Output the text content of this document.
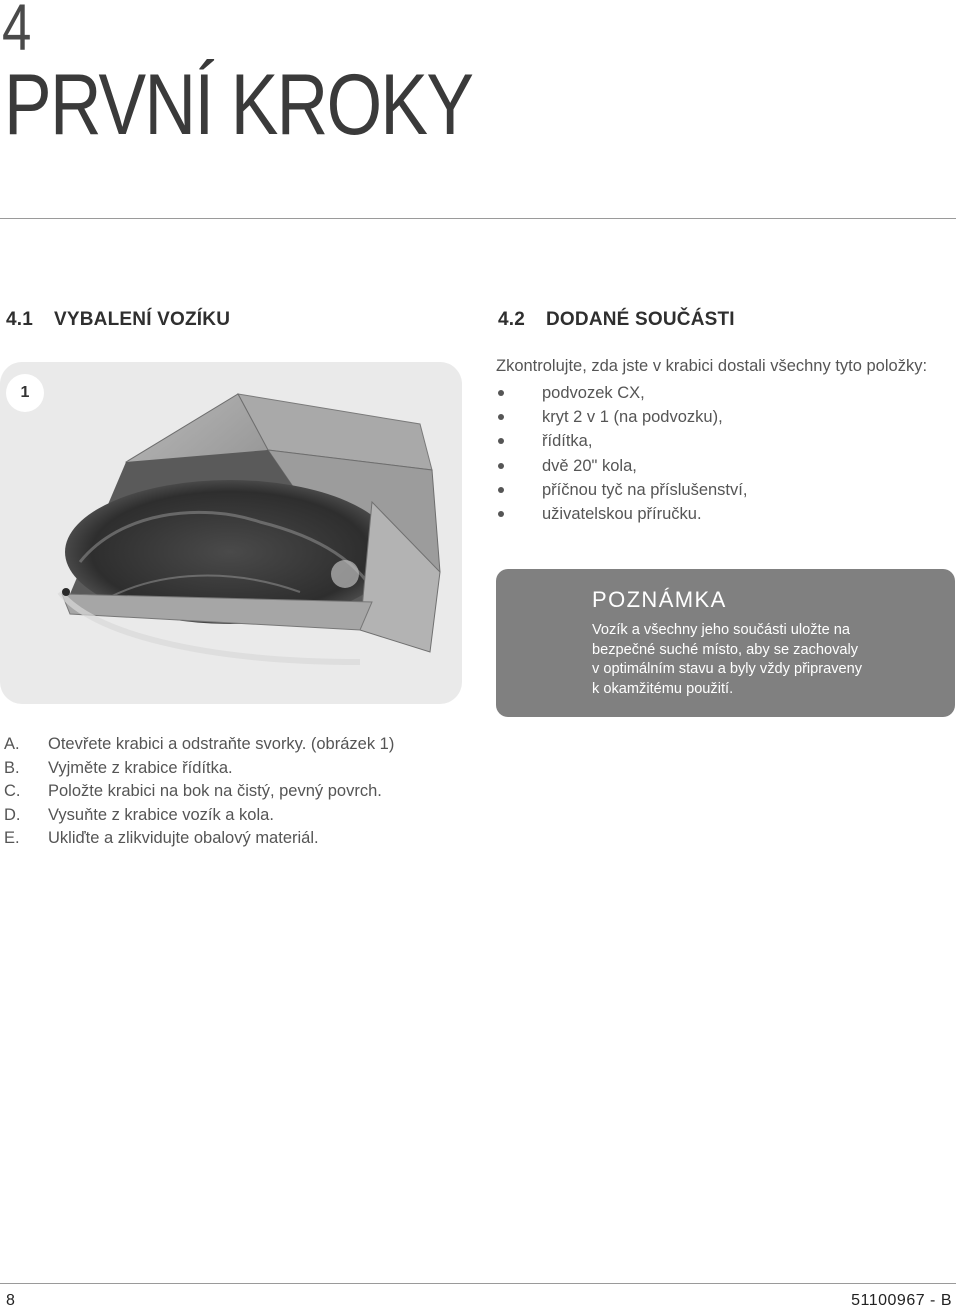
4
PRVNÍ KROKY
4.1 VYBALENÍ VOZÍKU	4.2 DODANÉ SOUČÁSTI
1
Zkontrolujte, zda jste v krabici dostali všechny tyto položky:
podvozek CX,
kryt 2 v 1 (na podvozku),
řídítka,
dvě 20" kola,
příčnou tyč na příslušenství,
uživatelskou příručku.
POZNÁMKA
Vozík a všechny jeho součásti uložte na
bezpečné suché místo, aby se zachovaly
v optimálním stavu a byly vždy připraveny
k okamžitému použití.
A. Otevřete krabici a odstraňte svorky. (obrázek 1)
B. Vyjměte z krabice řídítka.
C. Položte krabici na bok na čistý, pevný povrch.
D. Vysuňte z krabice vozík a kola.
E. Ukliďte a zlikvidujte obalový materiál.
8	51100967 - B
